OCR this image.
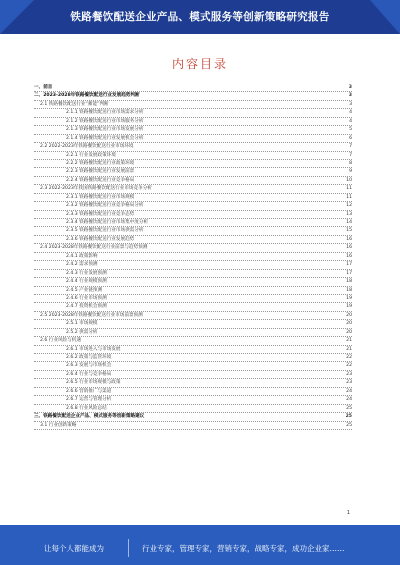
铁路餐饮配送企业产品、模式服务等创新策略研究报告
内容目录
一、前言	3
二、2023-2028年铁路餐饮配送行业发展趋势判断	3
2.1 铁路餐饮配送行业“蓄能”判断	3
2.1.1 铁路餐饮配送行业市场需求分析	4
2.1.2 铁路餐饮配送行业市场服务分析	4
2.1.3 铁路餐饮配送行业市场发展分析	5
2.1.4 铁路餐饮配送行业发展机会分析	6
2.2 2022-2023年铁路餐饮配送行业市场环境	7
2.2.1 行业发展政策环境	7
2.2.2 铁路餐饮配送行业政策环境	8
2.2.3 铁路餐饮配送行业发展前景	9
2.2.4 铁路餐饮配送行业竞争格局	10
2.3 2022-2023年我国铁路餐饮配送行业市场竞争分析	11
2.3.1 铁路餐饮配送行业市场规模	11
2.3.2 铁路餐饮配送行业竞争格局分析	12
2.3.3 铁路餐饮配送行业竞争态势	13
2.3.4 铁路餐饮配送行业市场集中度分析	14
2.3.5 铁路餐饮配送行业市场供需分析	15
2.3.6 铁路餐饮配送行业发展趋势	16
2.4 2023-2028年铁路餐饮配送行业前景与趋势预测	16
2.4.1 政策影响	16
2.4.2 需求预测	17
2.4.3 行业发展预测	17
2.4.4 行业规模预测	18
2.4.5 产业链预测	18
2.4.6 行业市场预测	19
2.4.7 投资机会预测	19
2.5 2023-2028年铁路餐饮配送行业市场前景预测	20
2.5.1 市场规模	20
2.5.2 供需分析	20
2.6 行业风险与机遇	21
2.6.1 市场进入与市场发展	21
2.6.2 政策与监管环境	22
2.6.3 发展与市场机会	22
2.6.4 行业与竞争格局	23
2.6.5 行业市场规模与政策	23
2.6.6 营销推广与渠道	24
2.6.7 运营与管理分析	24
2.6.8 行业风险总结	25
三、铁路餐饮配送企业产品、模式服务等创新策略建议	25
3.1 行业创新策略	25
1
让每个人都能成为	行业专家，管理专家，营销专家，战略专家，成功企业家……
